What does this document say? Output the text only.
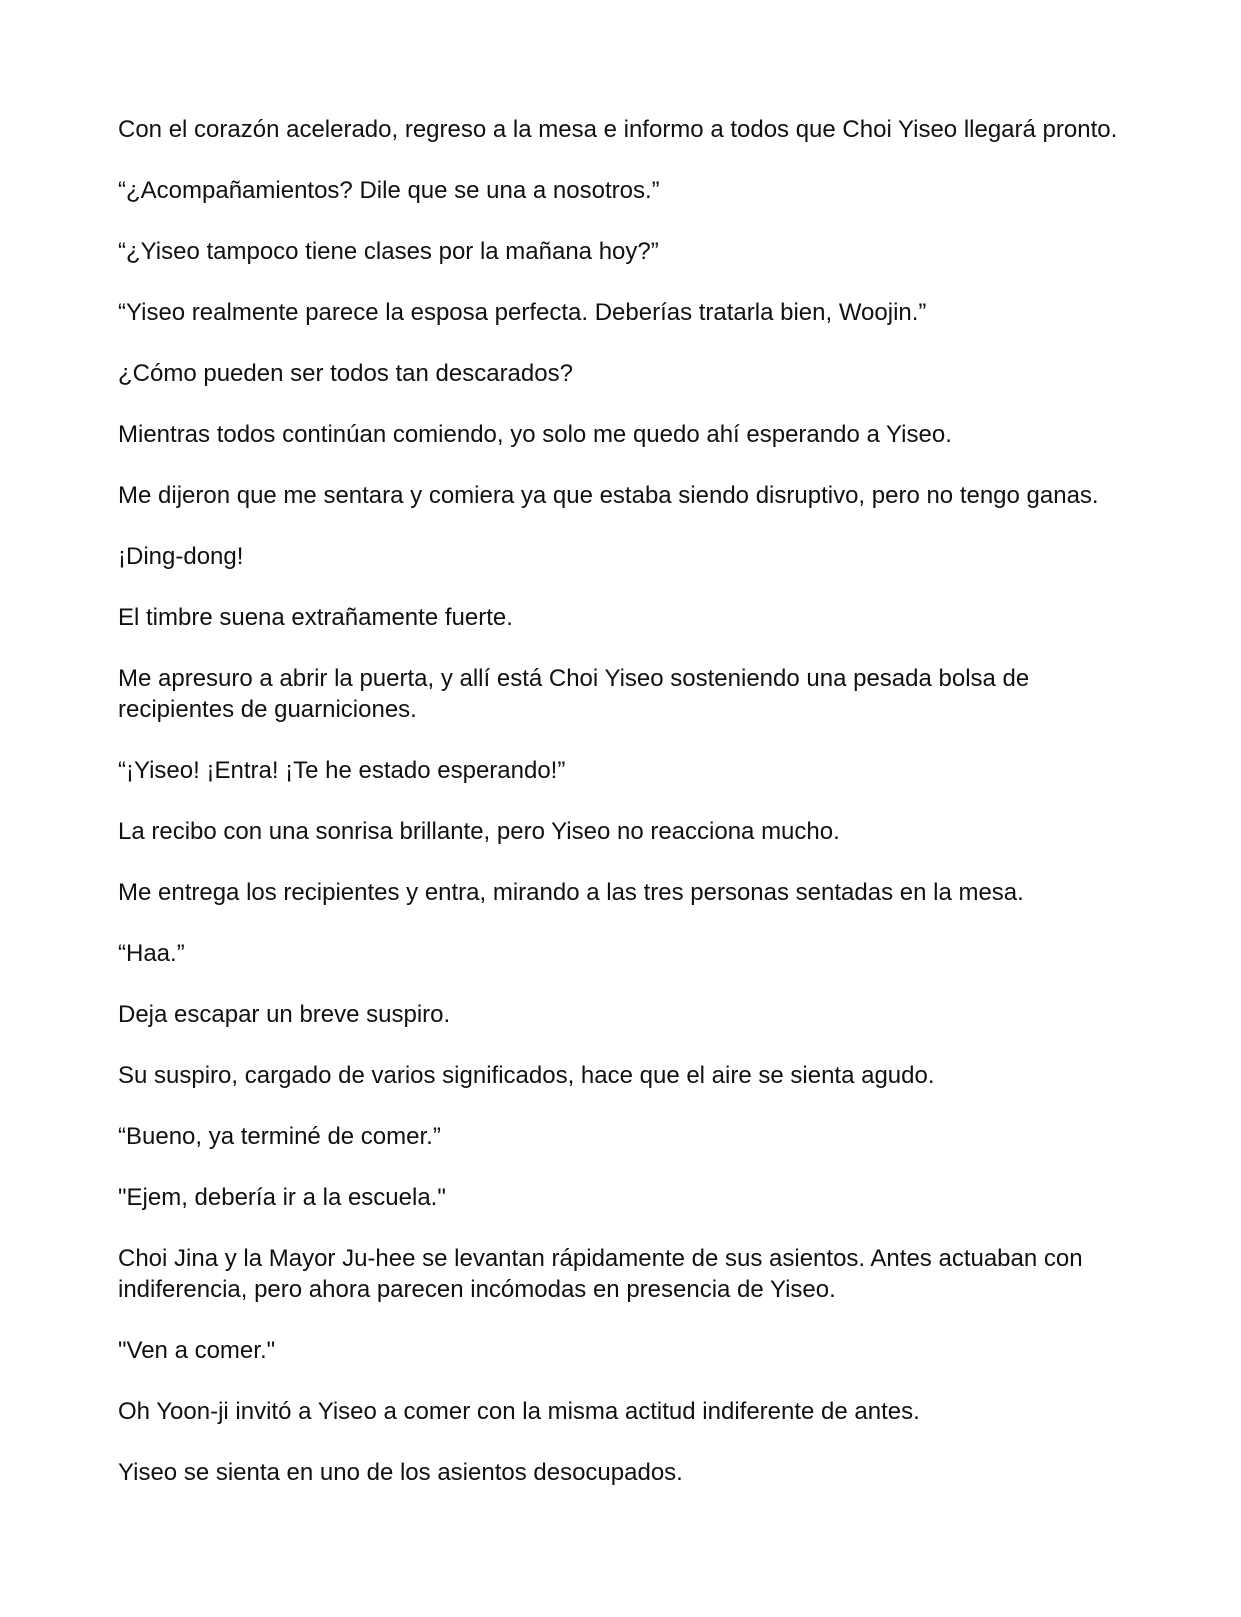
Con el corazón acelerado, regreso a la mesa e informo a todos que Choi Yiseo llegará pronto.

“¿Acompañamientos? Dile que se una a nosotros.”

“¿Yiseo tampoco tiene clases por la mañana hoy?”

“Yiseo realmente parece la esposa perfecta. Deberías tratarla bien, Woojin.”

¿Cómo pueden ser todos tan descarados?

Mientras todos continúan comiendo, yo solo me quedo ahí esperando a Yiseo.

Me dijeron que me sentara y comiera ya que estaba siendo disruptivo, pero no tengo ganas.

¡Ding-dong!

El timbre suena extrañamente fuerte.

Me apresuro a abrir la puerta, y allí está Choi Yiseo sosteniendo una pesada bolsa de recipientes de guarniciones.

“¡Yiseo! ¡Entra! ¡Te he estado esperando!”

La recibo con una sonrisa brillante, pero Yiseo no reacciona mucho.

Me entrega los recipientes y entra, mirando a las tres personas sentadas en la mesa.

“Haa.”

Deja escapar un breve suspiro.

Su suspiro, cargado de varios significados, hace que el aire se sienta agudo.

“Bueno, ya terminé de comer.”

"Ejem, debería ir a la escuela."

Choi Jina y la Mayor Ju-hee se levantan rápidamente de sus asientos. Antes actuaban con indiferencia, pero ahora parecen incómodas en presencia de Yiseo.

"Ven a comer."

Oh Yoon-ji invitó a Yiseo a comer con la misma actitud indiferente de antes.

Yiseo se sienta en uno de los asientos desocupados.
